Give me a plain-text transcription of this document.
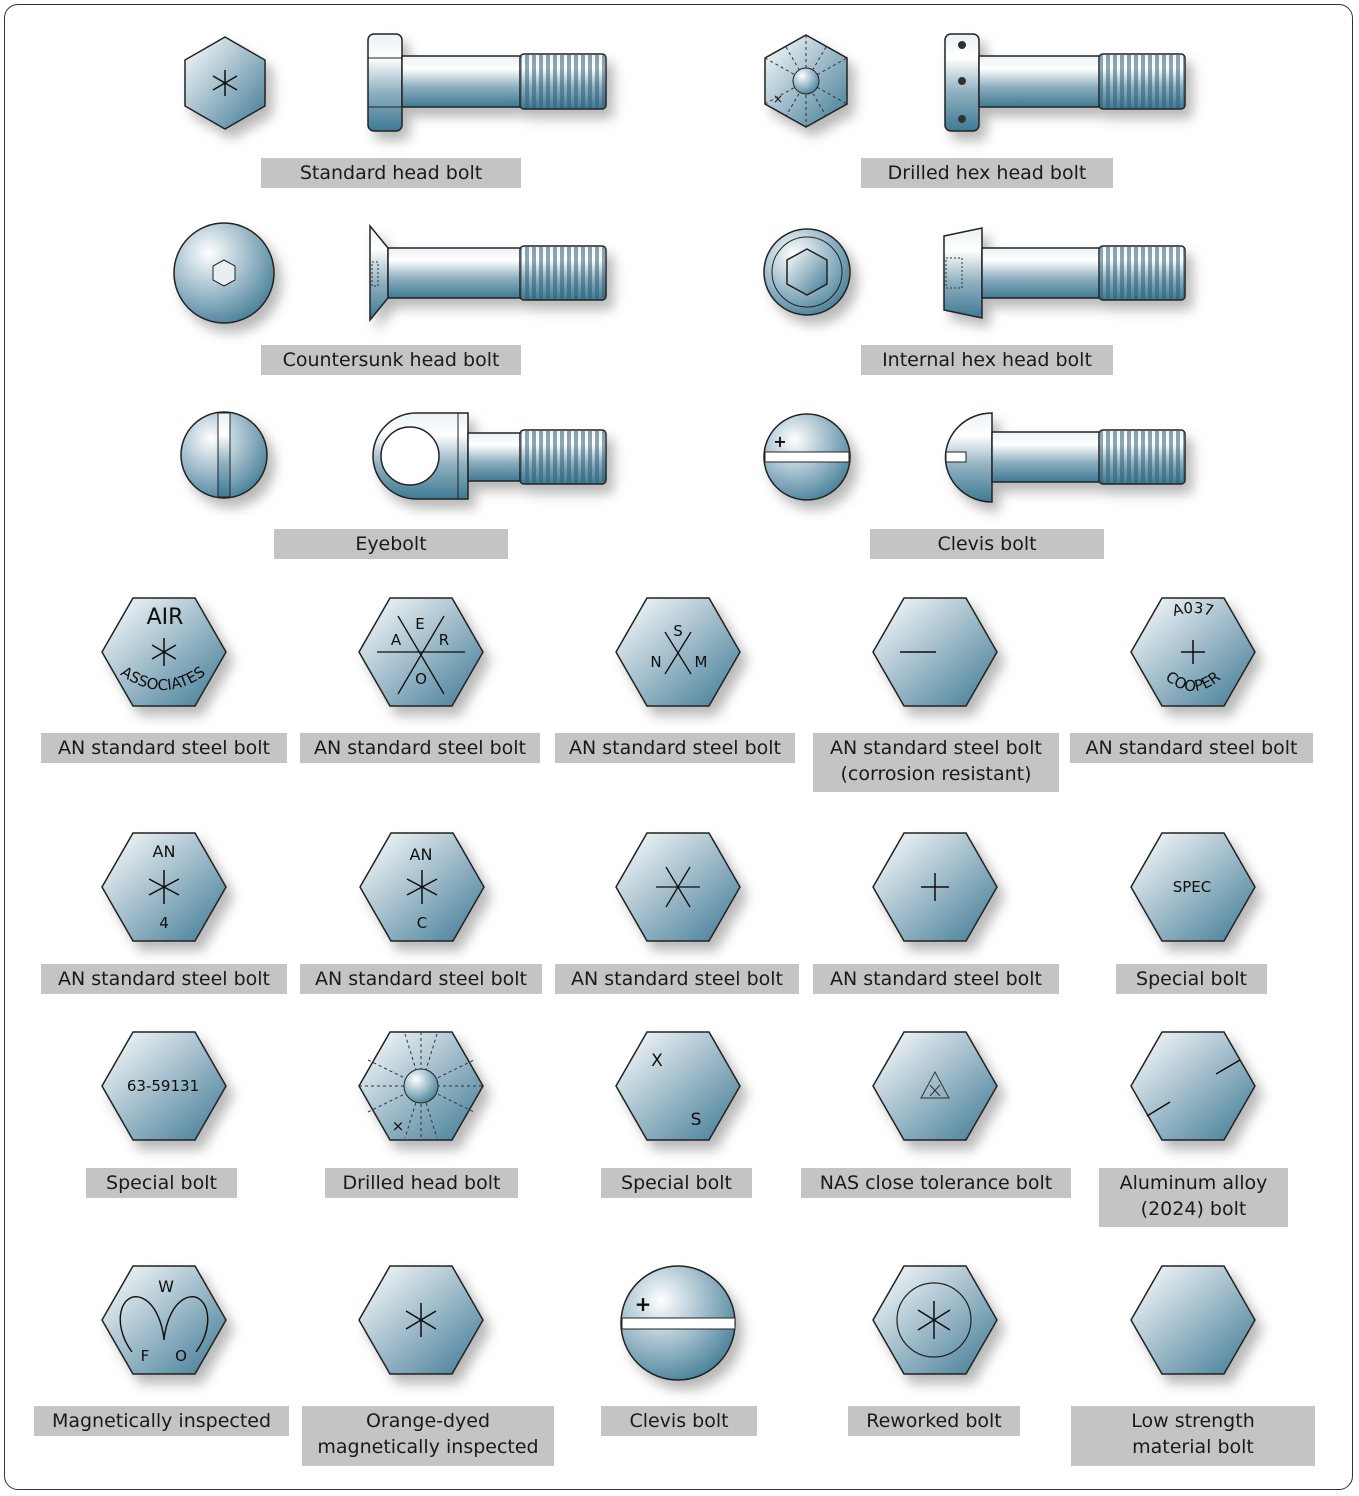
×
+
AIR
ASSOCIATES
E
A	R
O
S
N M
A037
COOPER
AN
4
AN
C
SPEC
63-59131
×
X
S
W
F O
+
Standard head bolt	Drilled hex head bolt
Countersunk head bolt	Internal hex head bolt
Eyebolt	Clevis bolt
AN standard steel bolt	AN standard steel bolt	AN standard steel bolt	AN standard steel bolt
(corrosion resistant)
AN standard steel bolt
AN standard steel bolt	AN standard steel bolt	AN standard steel bolt	AN standard steel bolt	Special bolt
Special bolt	Drilled head bolt	Special bolt	NAS close tolerance bolt	Aluminum alloy
(2024) bolt
Magnetically inspected	Orange-dyed
magnetically inspected
Clevis bolt	Reworked bolt	Low strength
material bolt
